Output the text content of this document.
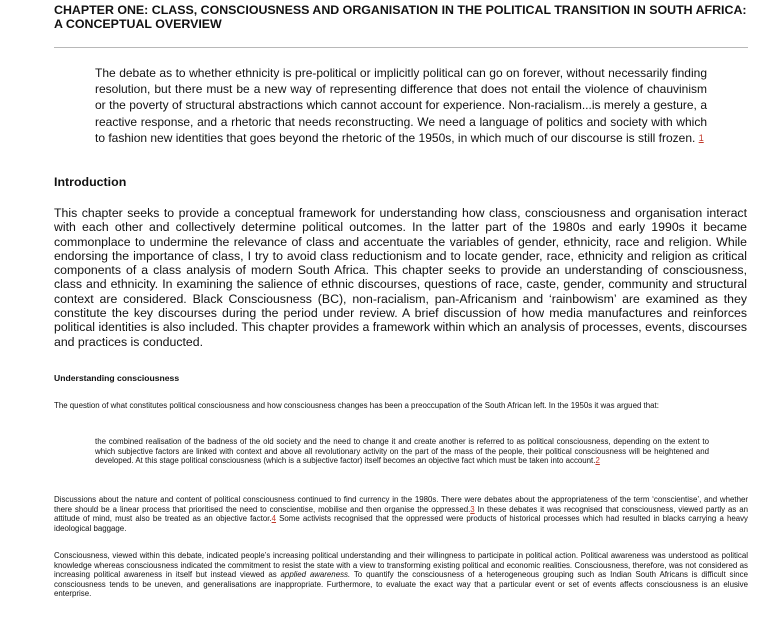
CHAPTER ONE: CLASS, CONSCIOUSNESS AND ORGANISATION IN THE POLITICAL TRANSITION IN SOUTH AFRICA: A CONCEPTUAL OVERVIEW
The debate as to whether ethnicity is pre-political or implicitly political can go on forever, without necessarily finding resolution, but there must be a new way of representing difference that does not entail the violence of chauvinism or the poverty of structural abstractions which cannot account for experience. Non-racialism...is merely a gesture, a reactive response, and a rhetoric that needs reconstructing. We need a language of politics and society with which to fashion new identities that goes beyond the rhetoric of the 1950s, in which much of our discourse is still frozen. 1
Introduction
This chapter seeks to provide a conceptual framework for understanding how class, consciousness and organisation interact with each other and collectively determine political outcomes. In the latter part of the 1980s and early 1990s it became commonplace to undermine the relevance of class and accentuate the variables of gender, ethnicity, race and religion. While endorsing the importance of class, I try to avoid class reductionism and to locate gender, race, ethnicity and religion as critical components of a class analysis of modern South Africa. This chapter seeks to provide an understanding of consciousness, class and ethnicity. In examining the salience of ethnic discourses, questions of race, caste, gender, community and structural context are considered. Black Consciousness (BC), non-racialism, pan-Africanism and ‘rainbowism’ are examined as they constitute the key discourses during the period under review. A brief discussion of how media manufactures and reinforces political identities is also included. This chapter provides a framework within which an analysis of processes, events, discourses and practices is conducted.
Understanding consciousness
The question of what constitutes political consciousness and how consciousness changes has been a preoccupation of the South African left. In the 1950s it was argued that:
the combined realisation of the badness of the old society and the need to change it and create another is referred to as political consciousness, depending on the extent to which subjective factors are linked with context and above all revolutionary activity on the part of the mass of the people, their political consciousness will be heightened and developed. At this stage political consciousness (which is a subjective factor) itself becomes an objective fact which must be taken into account.2
Discussions about the nature and content of political consciousness continued to find currency in the 1980s. There were debates about the appropriateness of the term ‘conscientise’, and whether there should be a linear process that prioritised the need to conscientise, mobilise and then organise the oppressed.3 In these debates it was recognised that consciousness, viewed partly as an attitude of mind, must also be treated as an objective factor.4 Some activists recognised that the oppressed were products of historical processes which had resulted in blacks carrying a heavy ideological baggage.
Consciousness, viewed within this debate, indicated people’s increasing political understanding and their willingness to participate in political action. Political awareness was understood as political knowledge whereas consciousness indicated the commitment to resist the state with a view to transforming existing political and economic realities. Consciousness, therefore, was not considered as increasing political awareness in itself but instead viewed as applied awareness. To quantify the consciousness of a heterogeneous grouping such as Indian South Africans is difficult since consciousness tends to be uneven, and generalisations are inappropriate. Furthermore, to evaluate the exact way that a particular event or set of events affects consciousness is an elusive enterprise.
